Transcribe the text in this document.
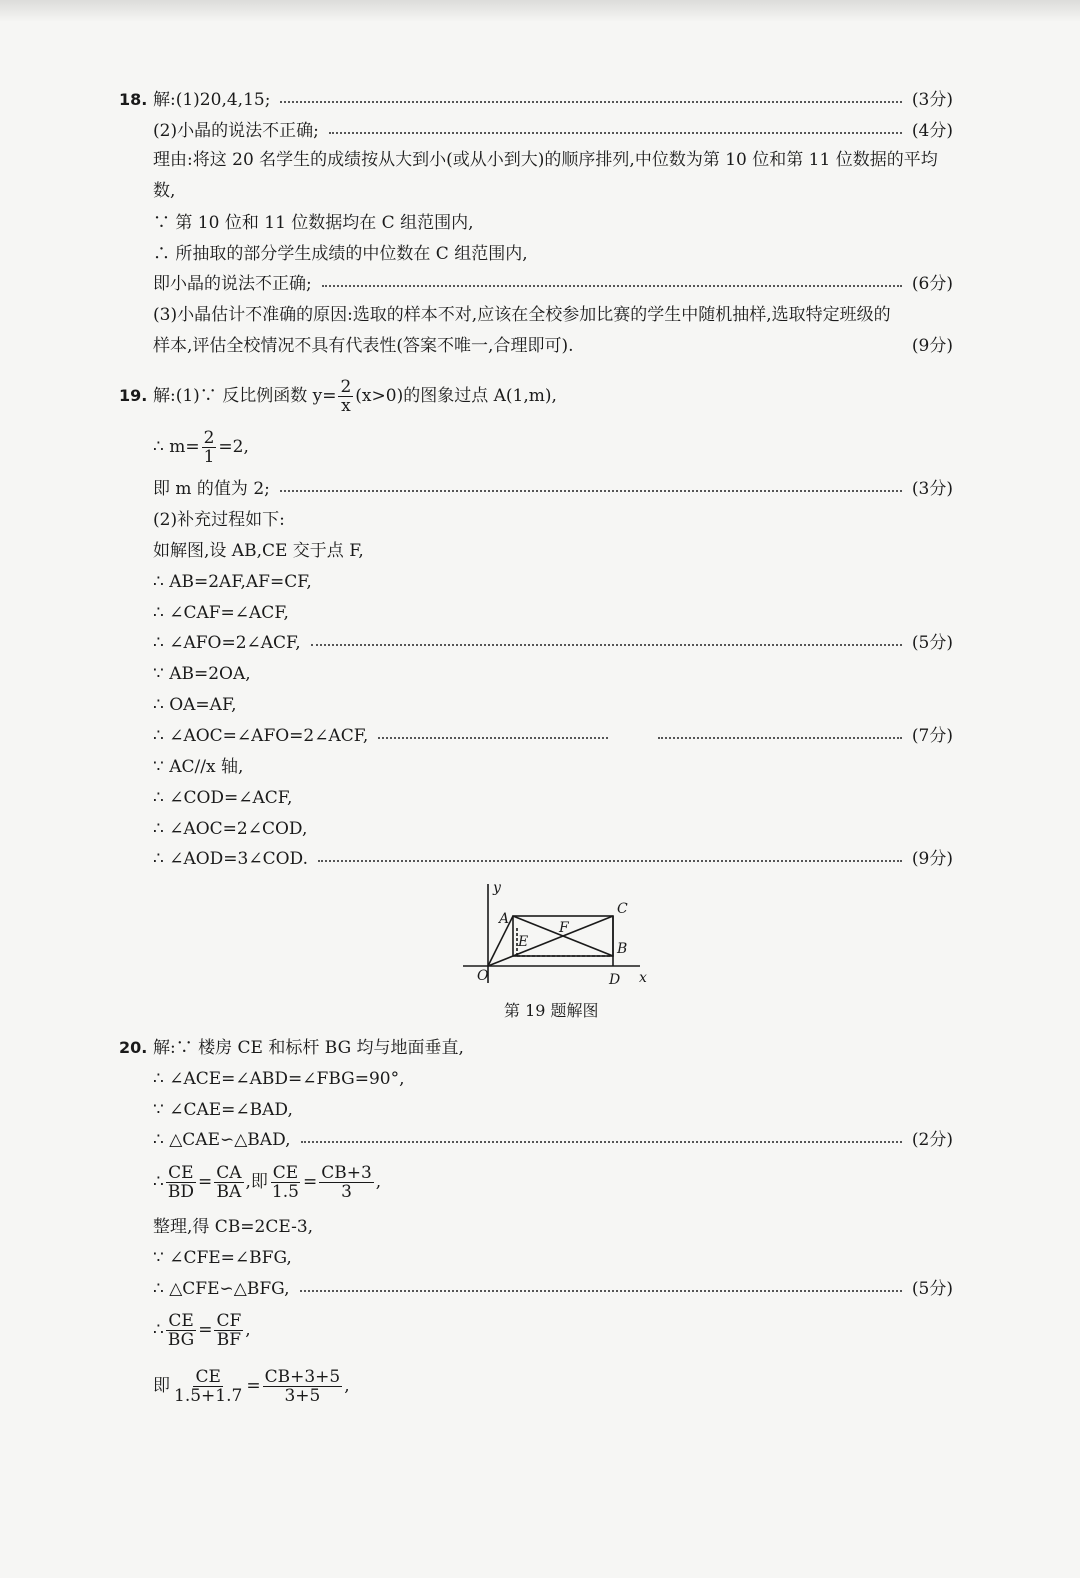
18. 解:(1)20,4,15;	(3分)
(2)小晶的说法不正确;	(4分)
理由:将这 20 名学生的成绩按从大到小(或从小到大)的顺序排列,中位数为第 10 位和第 11 位数据的平均数,
∵ 第 10 位和 11 位数据均在 C 组范围内,
∴ 所抽取的部分学生成绩的中位数在 C 组范围内,
即小晶的说法不正确;	(6分)
(3)小晶估计不准确的原因:选取的样本不对,应该在全校参加比赛的学生中随机抽样,选取特定班级的样本,评估全校情况不具有代表性(答案不唯一,合理即可).	(9分)
19. 解:(1)∵ 反比例函数 $y= \frac{2}{x} (x>0)$的图象过点 A(1,m),
∴ $m= \frac{2}{1} =2$,
即 m 的值为 2;	(3分)
(2)补充过程如下:
如解图,设 AB,CE 交于点 F,
∴ AB=2AF,AF=CF,
∴ ∠CAF=∠ACF,
∴ ∠AFO=2∠ACF,	(5分)
∵ AB=2OA,
∴ OA=AF,
∴ ∠AOC=∠AFO=2∠ACF,	(7分)
∵ AC//x 轴,
∴ ∠COD=∠ACF,
∴ ∠AOC=2∠COD,
∴ ∠AOD=3∠COD.	(9分)
y
A
C
F
E	B
O	D x
第 19 题解图
20. 解:∵ 楼房 CE 和标杆 BG 均与地面垂直,
∴ ∠ACE=∠ABD=∠FBG=90°,
∵ ∠CAE=∠BAD,
∴ △CAE∽△BAD,	(2分)
∴ $\frac{CE}{BD} = \frac{CA}{BA}$ ,即 $\frac{CE}{1.5} = \frac{CB+3}{3}$ ,
整理,得 CB=2CE-3,
∵ ∠CFE=∠BFG,
∴ △CFE∽△BFG,	(5分)
∴ $\frac{CE}{BG} = \frac{CF}{BF}$ ,
即 $\frac{CE}{1.5+1.7} = \frac{CB+3+5}{3+5}$ ,
